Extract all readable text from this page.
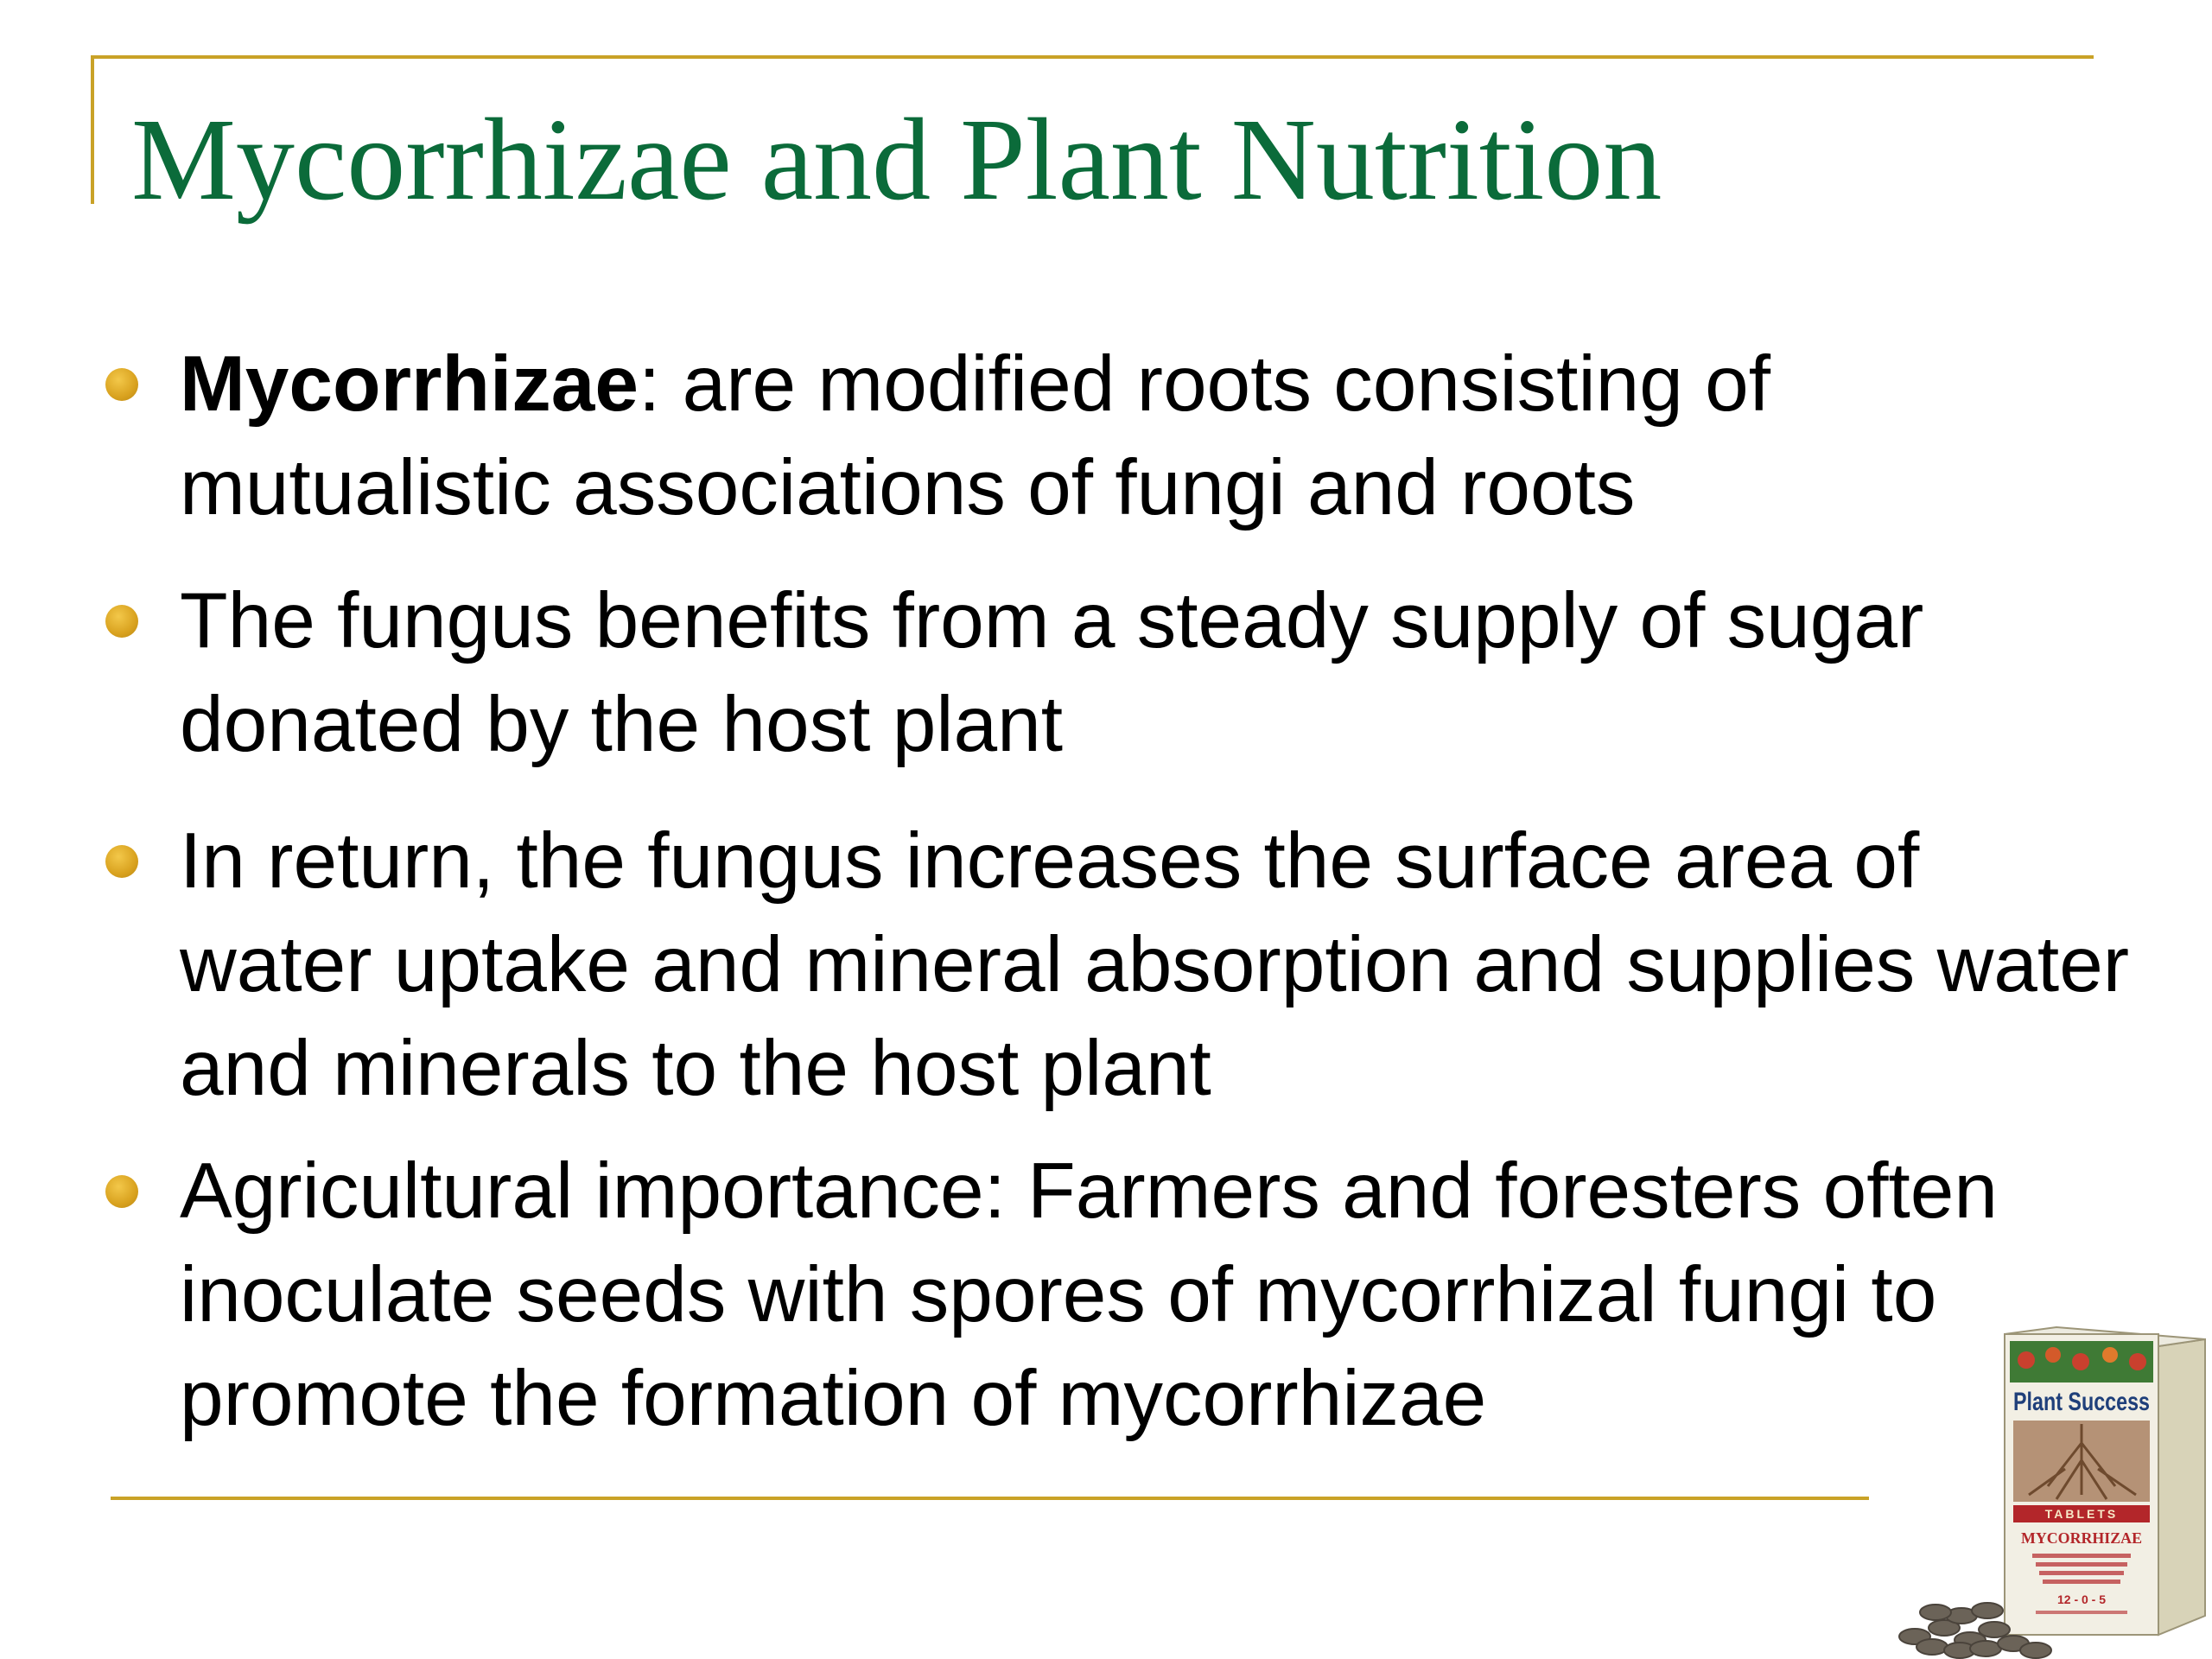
Mycorrhizae and Plant Nutrition
Mycorrhizae: are modified roots consisting of mutualistic associations of fungi and roots
The fungus benefits from a steady supply of sugar donated by the host plant
In return, the fungus increases the surface area of water uptake and mineral absorption and supplies water and minerals to the host plant
Agricultural importance: Farmers and foresters often inoculate seeds with spores of mycorrhizal fungi to promote the formation of mycorrhizae	Plant Success
TABLETS
MYCORRHIZAE
12 - 0 - 5
